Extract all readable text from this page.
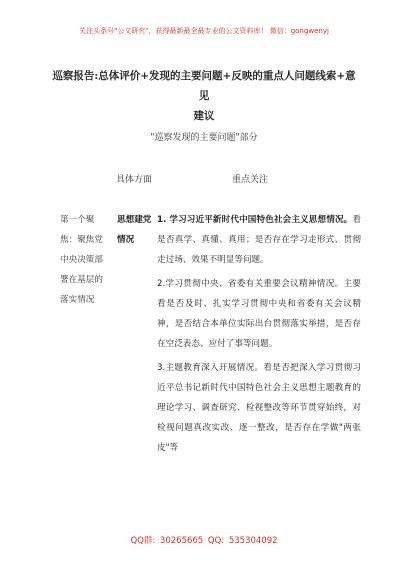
关注头条号"公文研究"，获得最新最全最专业的公文资料库！ 微信：gongwenyj
巡察报告:总体评价+发现的主要问题+反映的重点人问题线索+意见
建议
"巡察发现的主要问题"部分
具体方面	重点关注
第一个聚
焦：聚焦党
中央决策部
署在基层的
落实情况
思想建党
情况

1. 学习习近平新时代中国特色社会主义思想情况。看是否真学、真懂、真用；是否存在学习走形式、贯彻走过场、效果不明显等问题。

2.学习贯彻中央、省委有关重要会议精神情况。主要看是否及时、扎实学习贯彻中央和省委有关会议精神，是否结合本单位实际出台贯彻落实举措，是否存在空泛表态、应付了事等问题。

3.主题教育深入开展情况。看是否把深入学习贯彻习近平总书记新时代中国特色社会主义思想主题教育的理论学习、调查研究、检视整改等环节贯穿始终，对检视问题真改实改、逐一整改，是否存在学做"两张皮"等

QQ群: 30265665 QQ: 535304092
